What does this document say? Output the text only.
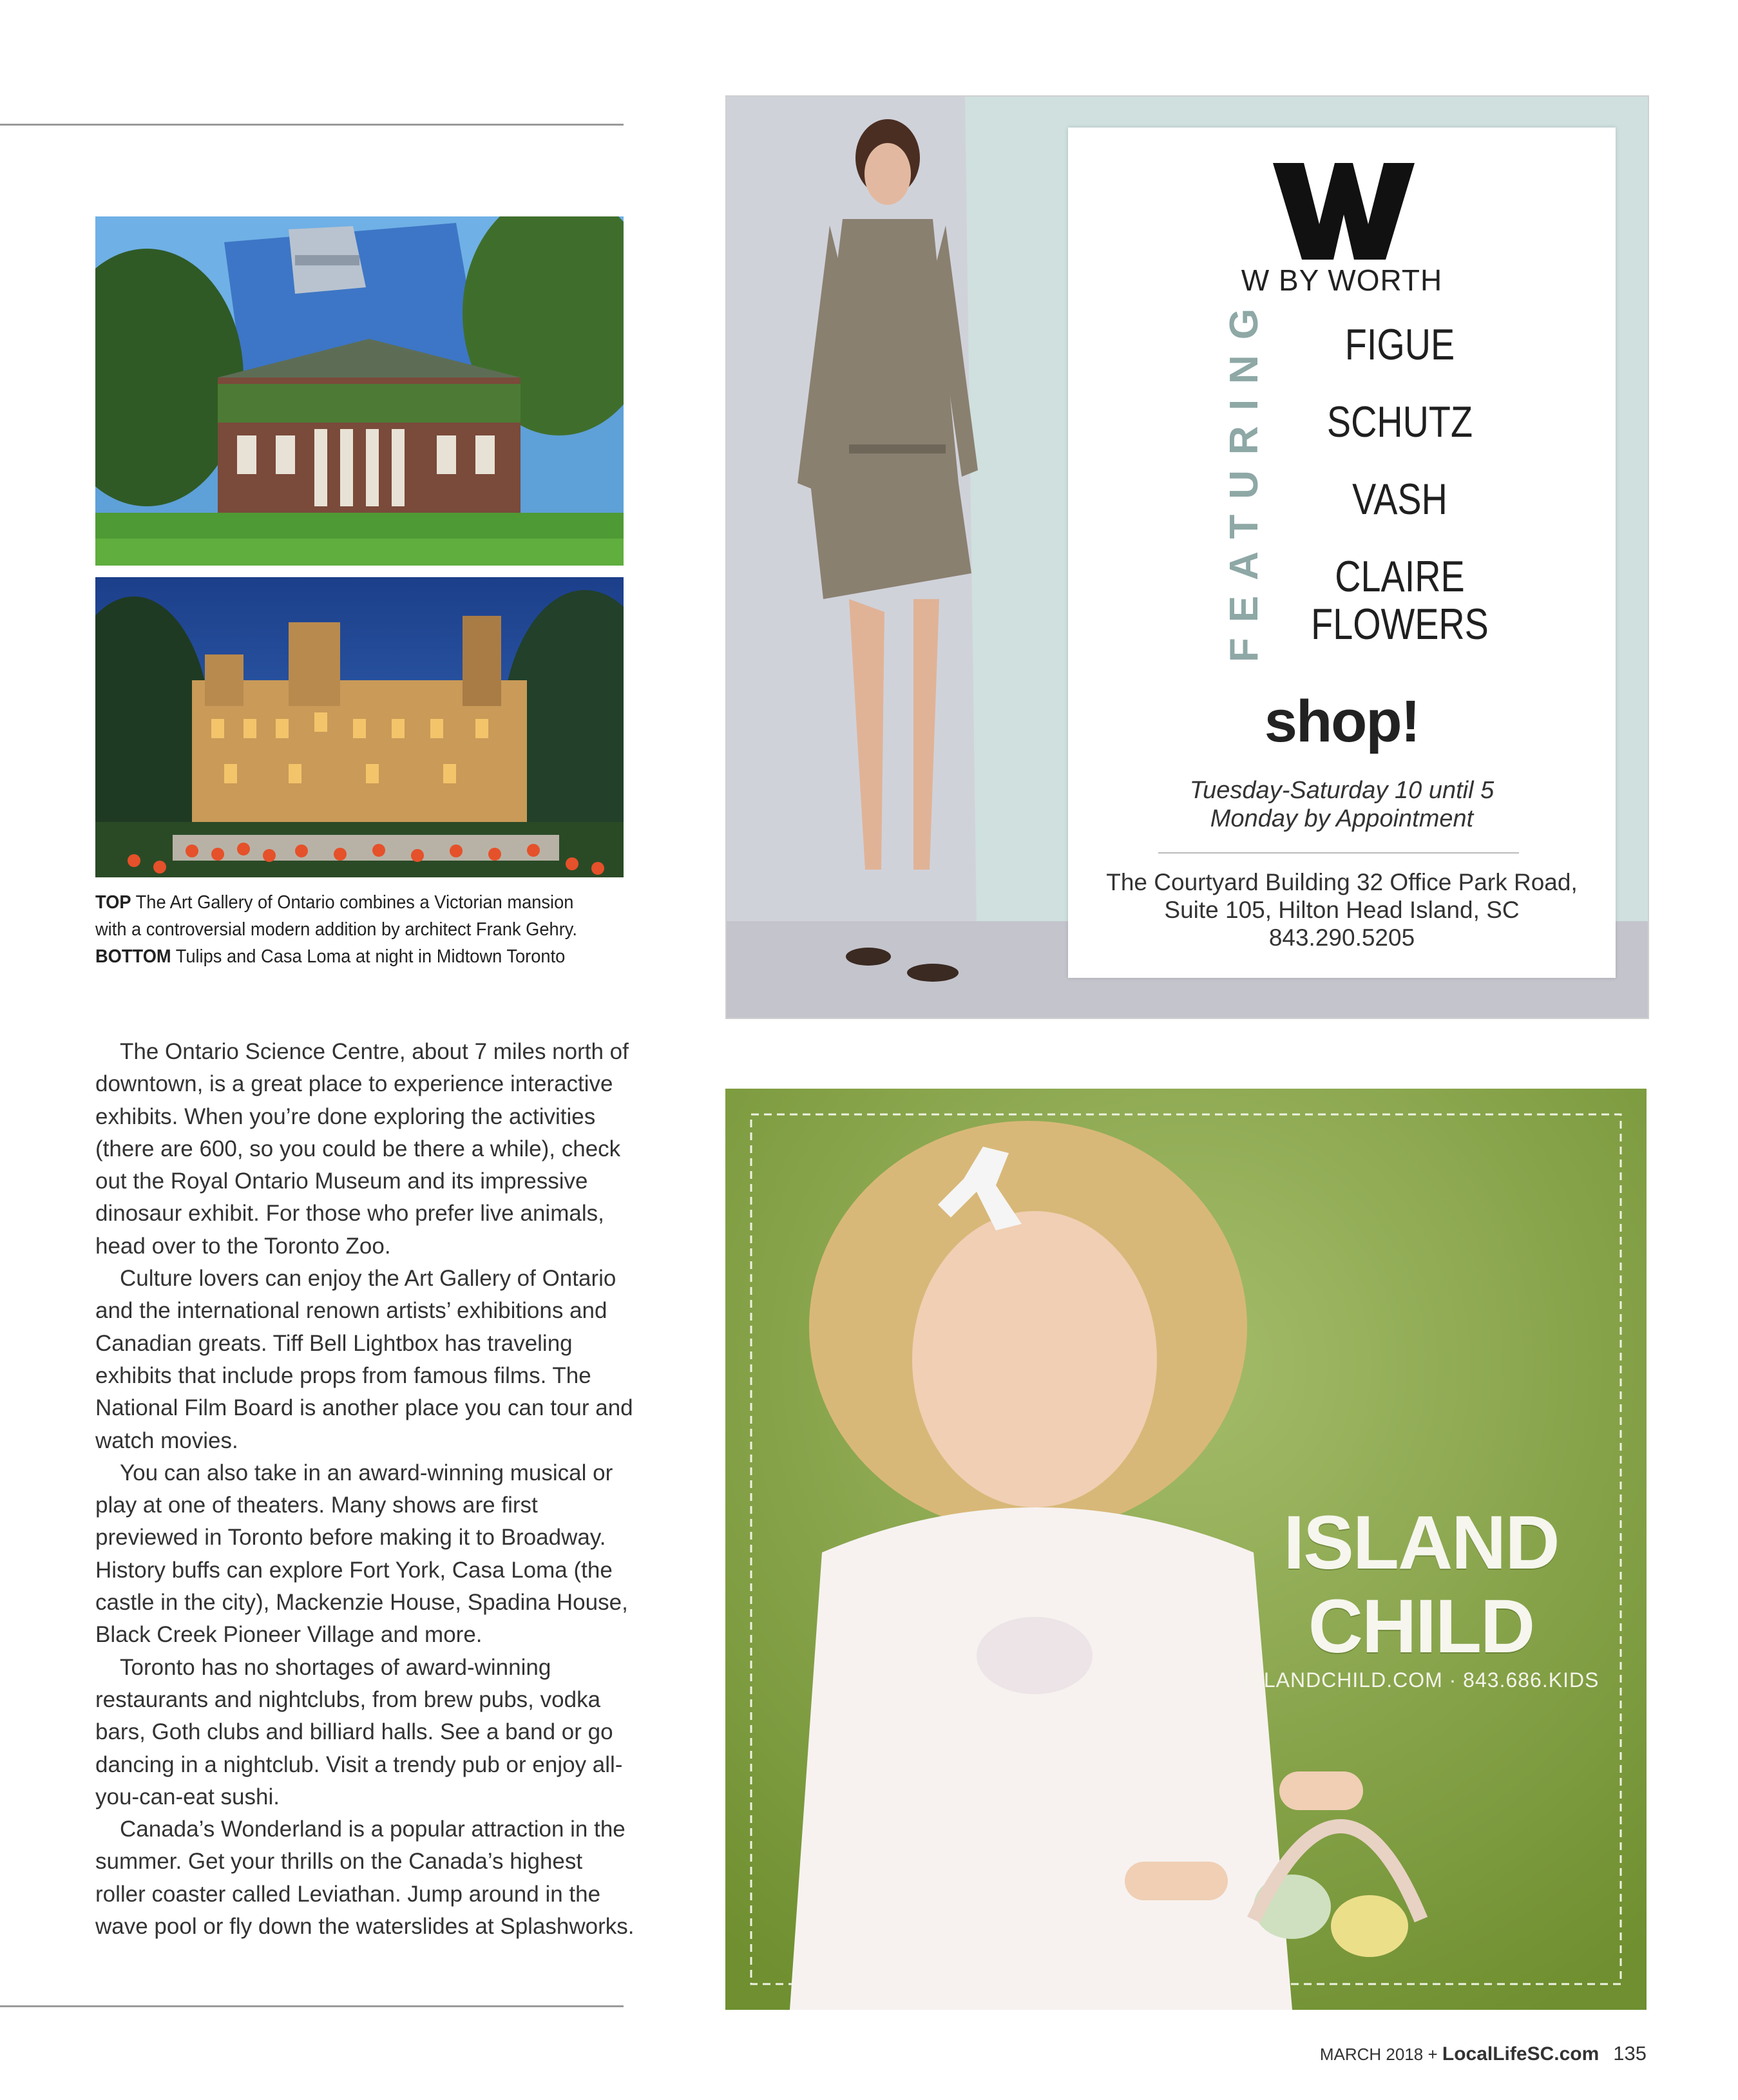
TOP The Art Gallery of Ontario combines a Victorian mansion with a controversial modern addition by architect Frank Gehry.
BOTTOM Tulips and Casa Loma at night in Midtown Toronto

The Ontario Science Centre, about 7 miles north of downtown, is a great place to experience interactive exhibits. When you’re done exploring the activities (there are 600, so you could be there a while), check out the Royal Ontario Museum and its impressive dinosaur exhibit. For those who prefer live animals, head over to the Toronto Zoo.

Culture lovers can enjoy the Art Gallery of Ontario and the international renown artists’ exhibitions and Canadian greats. Tiff Bell Lightbox has traveling exhibits that include props from famous films. The National Film Board is another place you can tour and watch movies.

You can also take in an award-winning musical or play at one of theaters. Many shows are first previewed in Toronto before making it to Broadway. History buffs can explore Fort York, Casa Loma (the castle in the city), Mackenzie House, Spadina House, Black Creek Pioneer Village and more.

Toronto has no shortages of award-winning restaurants and nightclubs, from brew pubs, vodka bars, Goth clubs and billiard halls. See a band or go dancing in a nightclub. Visit a trendy pub or enjoy all-you-can-eat sushi.

Canada’s Wonderland is a popular attraction in the summer. Get your thrills on the Canada’s highest roller coaster called Leviathan. Jump around in the wave pool or fly down the waterslides at Splashworks.

W BY WORTH
FEATURING	FIGUE
SCHUTZ
VASH
CLAIRE
FLOWERS
shop!
Tuesday-Saturday 10 until 5
Monday by Appointment
The Courtyard Building 32 Office Park Road,
Suite 105, Hilton Head Island, SC
843.290.5205
ISLAND
CHILD
ISLANDCHILD.COM · 843.686.KIDS
MARCH 2018 + LocalLifeSC.com 135
